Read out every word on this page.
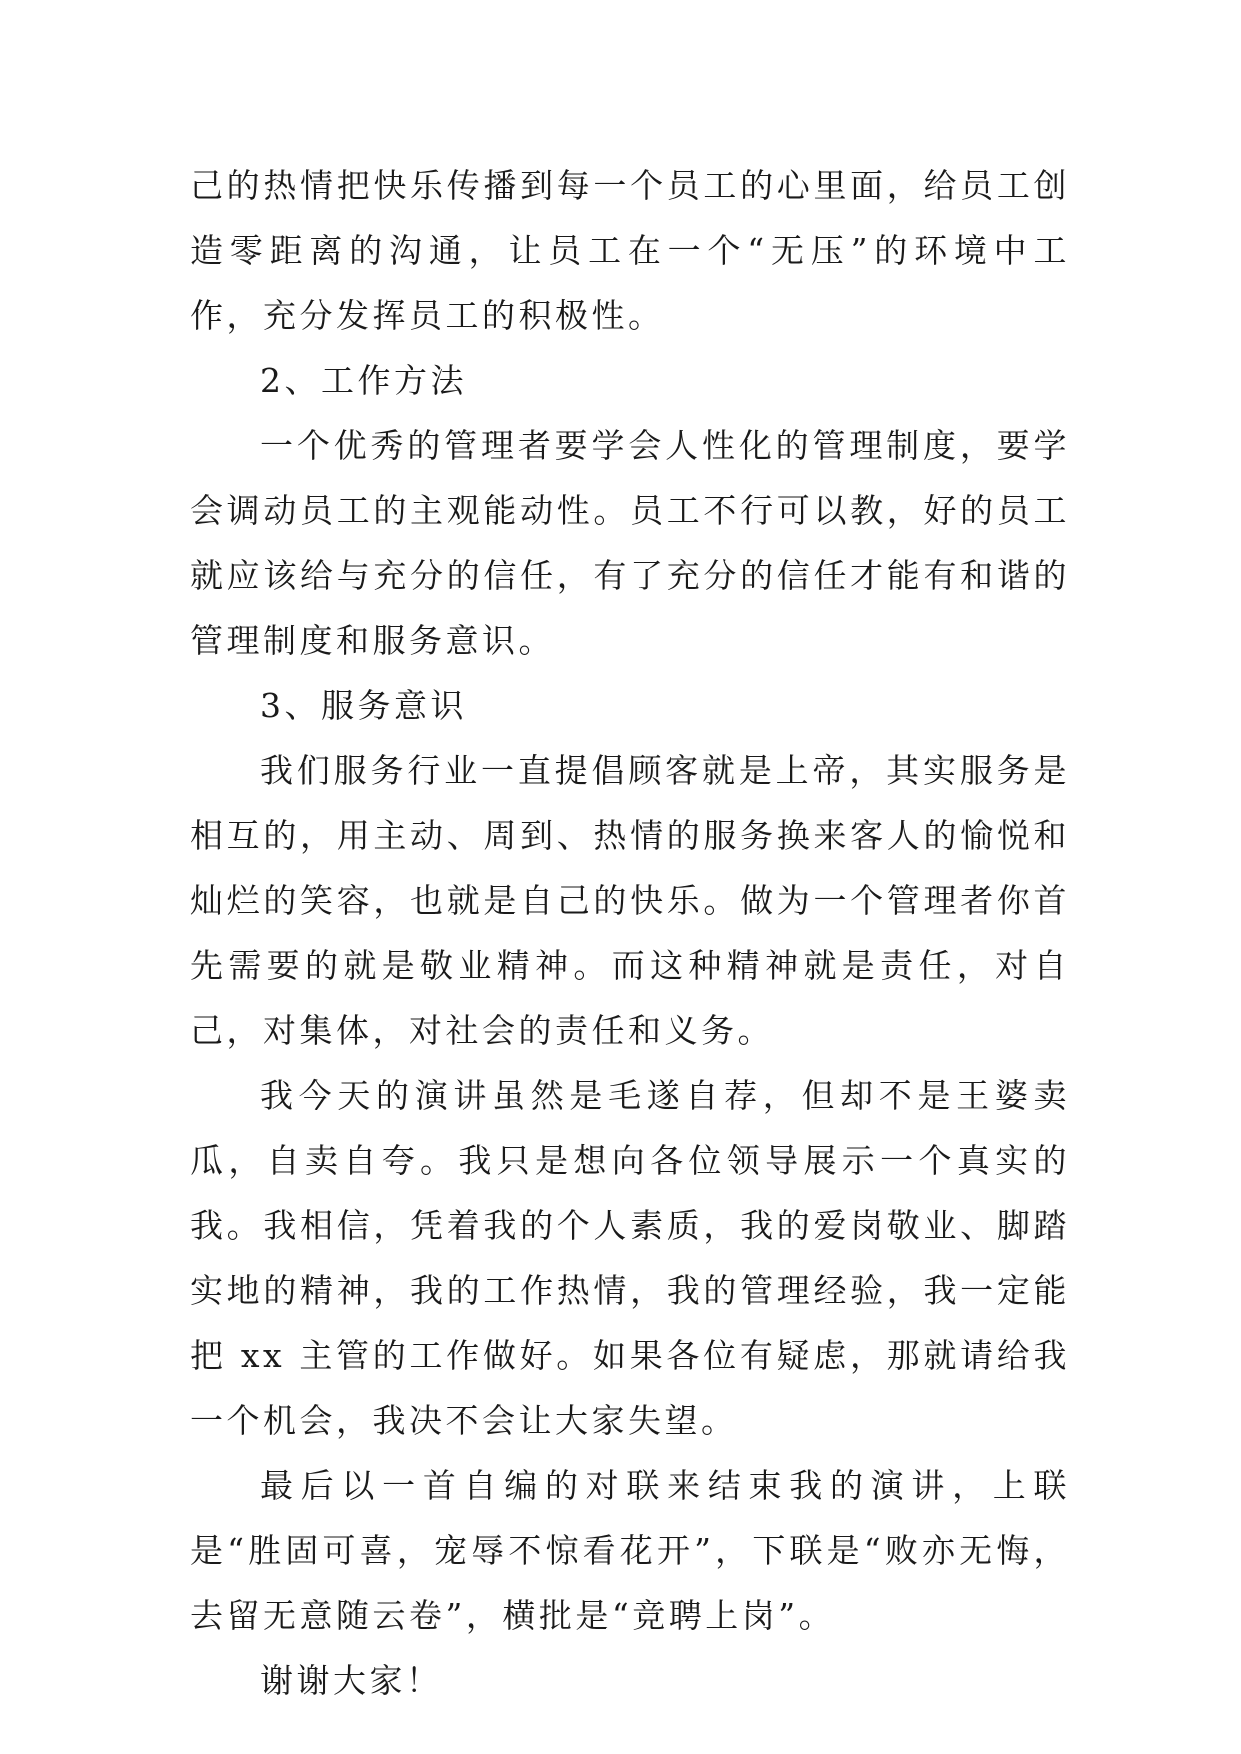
己的热情把快乐传播到每一个员工的心里面，给员工创造零距离的沟通，让员工在一个“无压”的环境中工作，充分发挥员工的积极性。

2、工作方法

一个优秀的管理者要学会人性化的管理制度，要学会调动员工的主观能动性。员工不行可以教，好的员工就应该给与充分的信任，有了充分的信任才能有和谐的管理制度和服务意识。

3、服务意识

我们服务行业一直提倡顾客就是上帝，其实服务是相互的，用主动、周到、热情的服务换来客人的愉悦和灿烂的笑容，也就是自己的快乐。做为一个管理者你首先需要的就是敬业精神。而这种精神就是责任，对自己，对集体，对社会的责任和义务。

我今天的演讲虽然是毛遂自荐，但却不是王婆卖瓜，自卖自夸。我只是想向各位领导展示一个真实的我。我相信，凭着我的个人素质，我的爱岗敬业、脚踏实地的精神，我的工作热情，我的管理经验，我一定能把 xx 主管的工作做好。如果各位有疑虑，那就请给我一个机会，我决不会让大家失望。

最后以一首自编的对联来结束我的演讲，上联是“胜固可喜，宠辱不惊看花开”，下联是“败亦无悔，去留无意随云卷”，横批是“竞聘上岗”。

谢谢大家！
